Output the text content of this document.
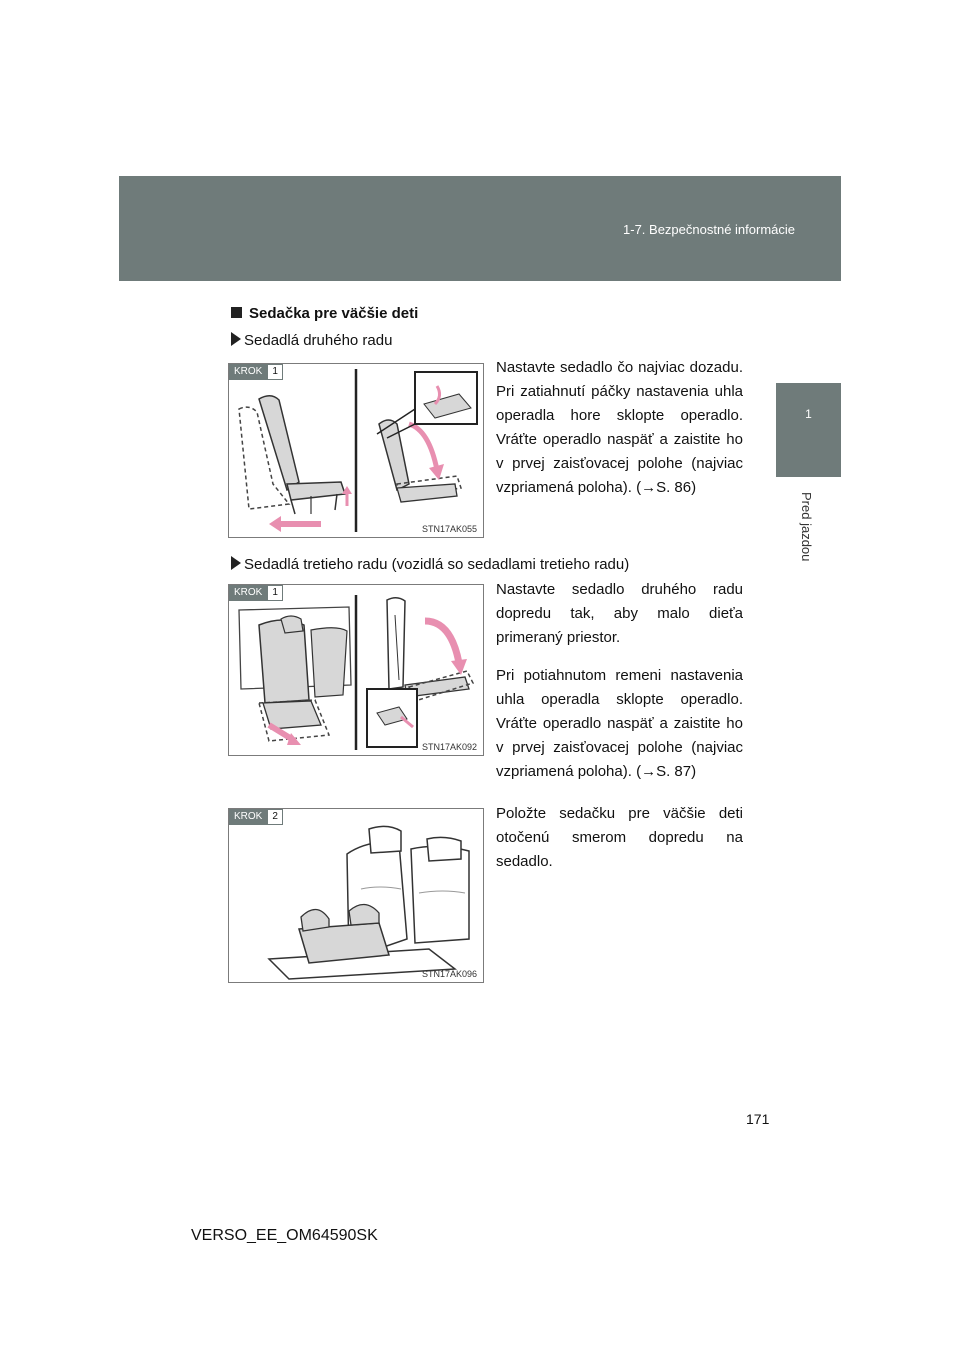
1-7. Bezpečnostné informácie
1
Pred jazdou
Sedačka pre väčšie deti
Sedadlá druhého radu
KROK	1
STN17AK055

Nastavte sedadlo čo najviac dozadu. Pri zatiahnutí páčky nastavenia uhla operadla hore sklopte operadlo. Vráťte operadlo naspäť a zaistite ho v prvej zaisťovacej polohe (najviac vzpriamená poloha). (→S. 86)

Sedadlá tretieho radu (vozidlá so sedadlami tretieho radu)
KROK	1
STN17AK092

Nastavte sedadlo druhého radu dopredu tak, aby malo dieťa primeraný priestor.

Pri potiahnutom remeni nastavenia uhla operadla sklopte operadlo. Vráťte operadlo naspäť a zaistite ho v prvej zaisťovacej polohe (najviac vzpriamená poloha). (→S. 87)

KROK	2
STN17AK096

Položte sedačku pre väčšie deti otočenú smerom dopredu na sedadlo.

171
VERSO_EE_OM64590SK
